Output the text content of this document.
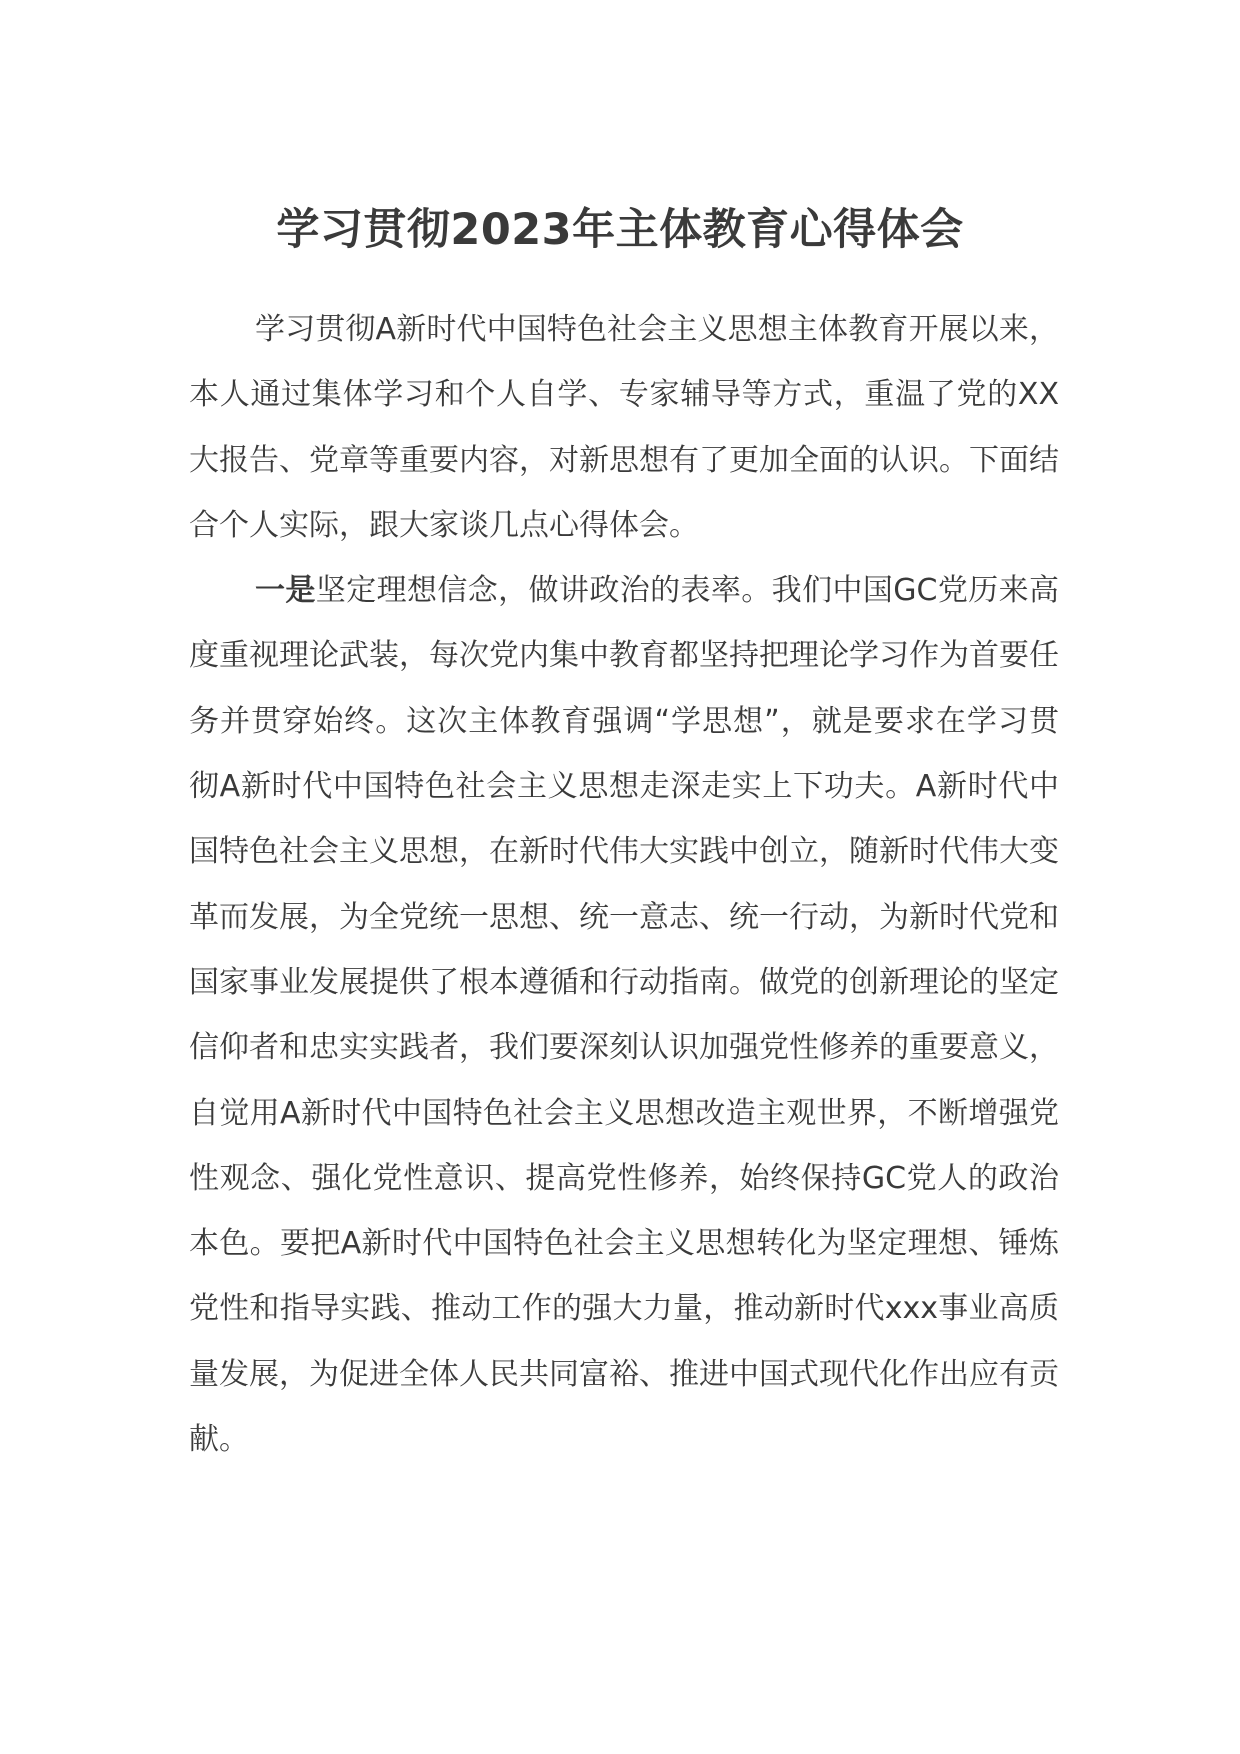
学习贯彻2023年主体教育心得体会

学习贯彻A新时代中国特色社会主义思想主体教育开展以来，本人通过集体学习和个人自学、专家辅导等方式，重温了党的XX大报告、党章等重要内容，对新思想有了更加全面的认识。下面结合个人实际，跟大家谈几点心得体会。

一是坚定理想信念，做讲政治的表率。我们中国GC党历来高度重视理论武装，每次党内集中教育都坚持把理论学习作为首要任务并贯穿始终。这次主体教育强调“学思想”，就是要求在学习贯彻A新时代中国特色社会主义思想走深走实上下功夫。A新时代中国特色社会主义思想，在新时代伟大实践中创立，随新时代伟大变革而发展，为全党统一思想、统一意志、统一行动，为新时代党和国家事业发展提供了根本遵循和行动指南。做党的创新理论的坚定信仰者和忠实实践者，我们要深刻认识加强党性修养的重要意义，自觉用A新时代中国特色社会主义思想改造主观世界，不断增强党性观念、强化党性意识、提高党性修养，始终保持GC党人的政治本色。要把A新时代中国特色社会主义思想转化为坚定理想、锤炼党性和指导实践、推动工作的强大力量，推动新时代xxx事业高质量发展，为促进全体人民共同富裕、推进中国式现代化作出应有贡献。
